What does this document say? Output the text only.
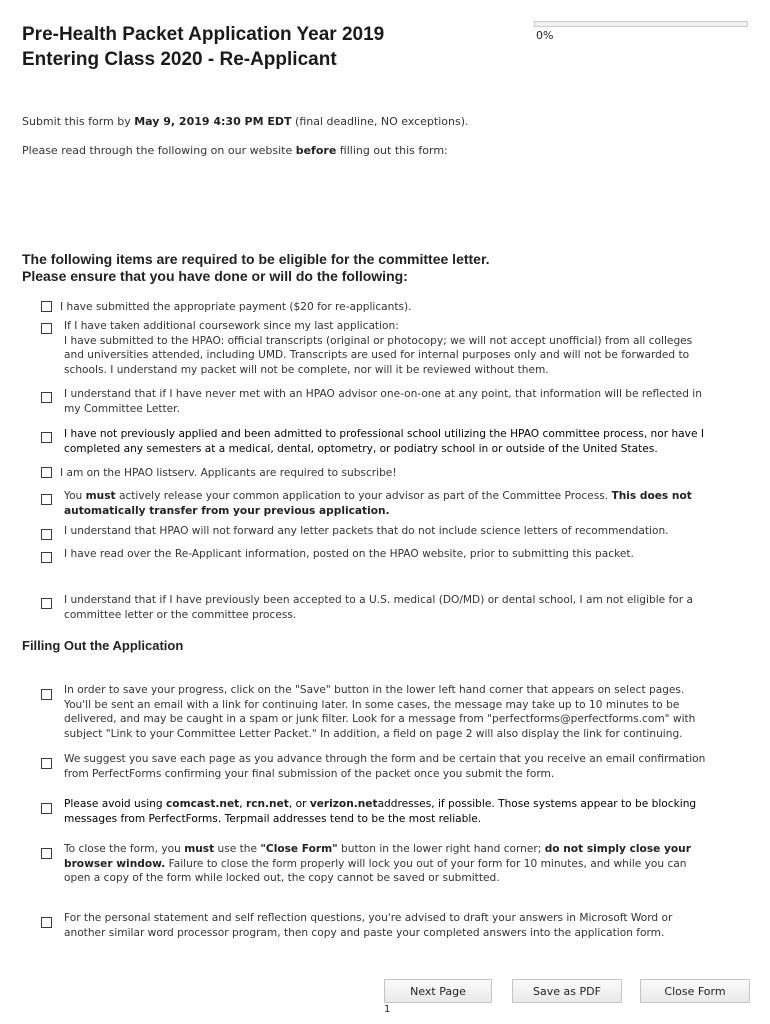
Pre-Health Packet Application Year 2019
Entering Class 2020 - Re-Applicant
0%
Submit this form by May 9, 2019 4:30 PM EDT (final deadline, NO exceptions).
Please read through the following on our website before filling out this form:
The following items are required to be eligible for the committee letter.
Please ensure that you have done or will do the following:
I have submitted the appropriate payment ($20 for re-applicants).
If I have taken additional coursework since my last application:
I have submitted to the HPAO: official transcripts (original or photocopy; we will not accept unofficial) from all colleges
and universities attended, including UMD. Transcripts are used for internal purposes only and will not be forwarded to
schools. I understand my packet will not be complete, nor will it be reviewed without them.
I understand that if I have never met with an HPAO advisor one-on-one at any point, that information will be reflected in
my Committee Letter.
I have not previously applied and been admitted to professional school utilizing the HPAO committee process, nor have I
completed any semesters at a medical, dental, optometry, or podiatry school in or outside of the United States.
I am on the HPAO listserv. Applicants are required to subscribe!
You must actively release your common application to your advisor as part of the Committee Process. This does not
automatically transfer from your previous application.
I understand that HPAO will not forward any letter packets that do not include science letters of recommendation.
I have read over the Re-Applicant information, posted on the HPAO website, prior to submitting this packet.
I understand that if I have previously been accepted to a U.S. medical (DO/MD) or dental school, I am not eligible for a
committee letter or the committee process.
Filling Out the Application
In order to save your progress, click on the "Save" button in the lower left hand corner that appears on select pages.
You'll be sent an email with a link for continuing later. In some cases, the message may take up to 10 minutes to be
delivered, and may be caught in a spam or junk filter. Look for a message from "perfectforms@perfectforms.com" with
subject "Link to your Committee Letter Packet." In addition, a field on page 2 will also display the link for continuing.
We suggest you save each page as you advance through the form and be certain that you receive an email confirmation
from PerfectForms confirming your final submission of the packet once you submit the form.
Please avoid using comcast.net, rcn.net, or verizon.netaddresses, if possible. Those systems appear to be blocking
messages from PerfectForms. Terpmail addresses tend to be the most reliable.
To close the form, you must use the "Close Form" button in the lower right hand corner; do not simply close your
browser window. Failure to close the form properly will lock you out of your form for 10 minutes, and while you can
open a copy of the form while locked out, the copy cannot be saved or submitted.
For the personal statement and self reflection questions, you're advised to draft your answers in Microsoft Word or
another similar word processor program, then copy and paste your completed answers into the application form.
Next Page	Save as PDF	Close Form
1
